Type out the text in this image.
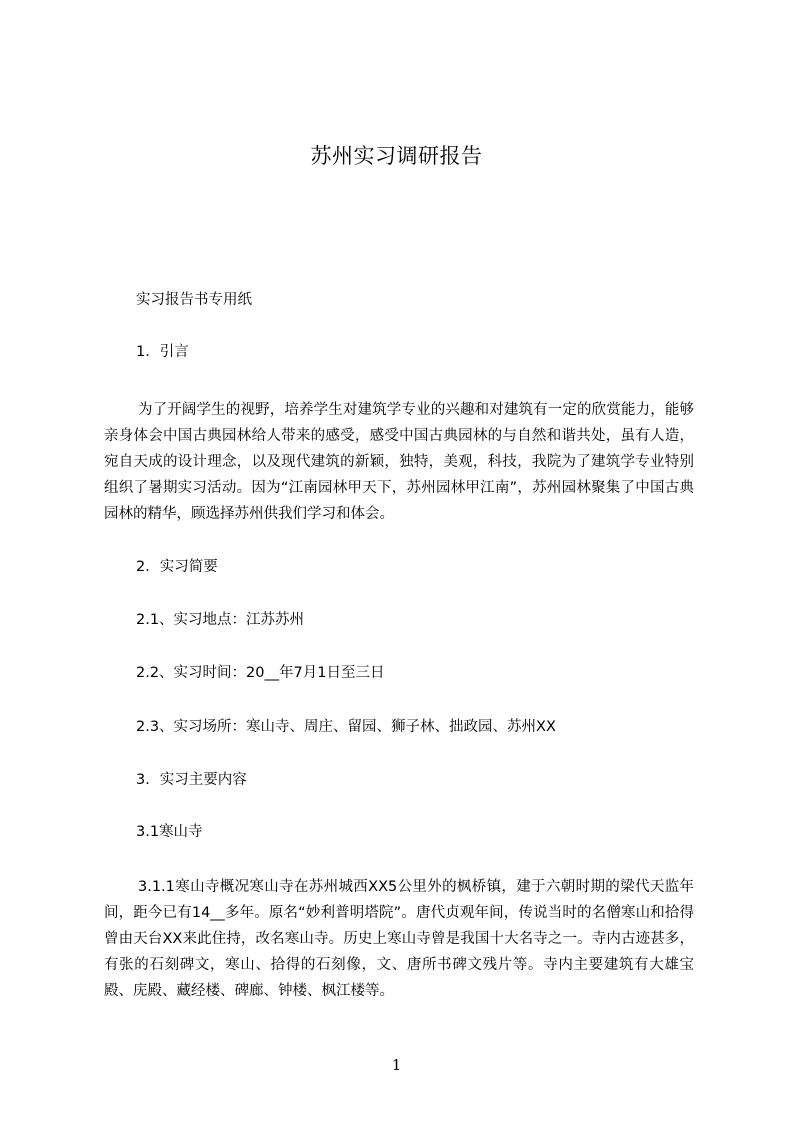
苏州实习调研报告
实习报告书专用纸
1．引言

为了开阔学生的视野，培养学生对建筑学专业的兴趣和对建筑有一定的欣赏能力，能够亲身体会中国古典园林给人带来的感受，感受中国古典园林的与自然和谐共处，虽有人造，宛自天成的设计理念，以及现代建筑的新颖，独特，美观，科技，我院为了建筑学专业特别组织了暑期实习活动。因为“江南园林甲天下，苏州园林甲江南”，苏州园林聚集了中国古典园林的精华，顾选择苏州供我们学习和体会。

2．实习简要
2.1、实习地点：江苏苏州
2.2、实习时间：20__年7月1日至三日
2.3、实习场所：寒山寺、周庄、留园、狮子林、拙政园、苏州XX
3．实习主要内容
3.1寒山寺

3.1.1寒山寺概况寒山寺在苏州城西XX5公里外的枫桥镇，建于六朝时期的梁代天监年间，距今已有14__多年。原名“妙利普明塔院”。唐代贞观年间，传说当时的名僧寒山和拾得曾由天台XX来此住持，改名寒山寺。历史上寒山寺曾是我国十大名寺之一。寺内古迹甚多，有张的石刻碑文，寒山、拾得的石刻像，文、唐所书碑文残片等。寺内主要建筑有大雄宝殿、庑殿、藏经楼、碑廊、钟楼、枫江楼等。

1
